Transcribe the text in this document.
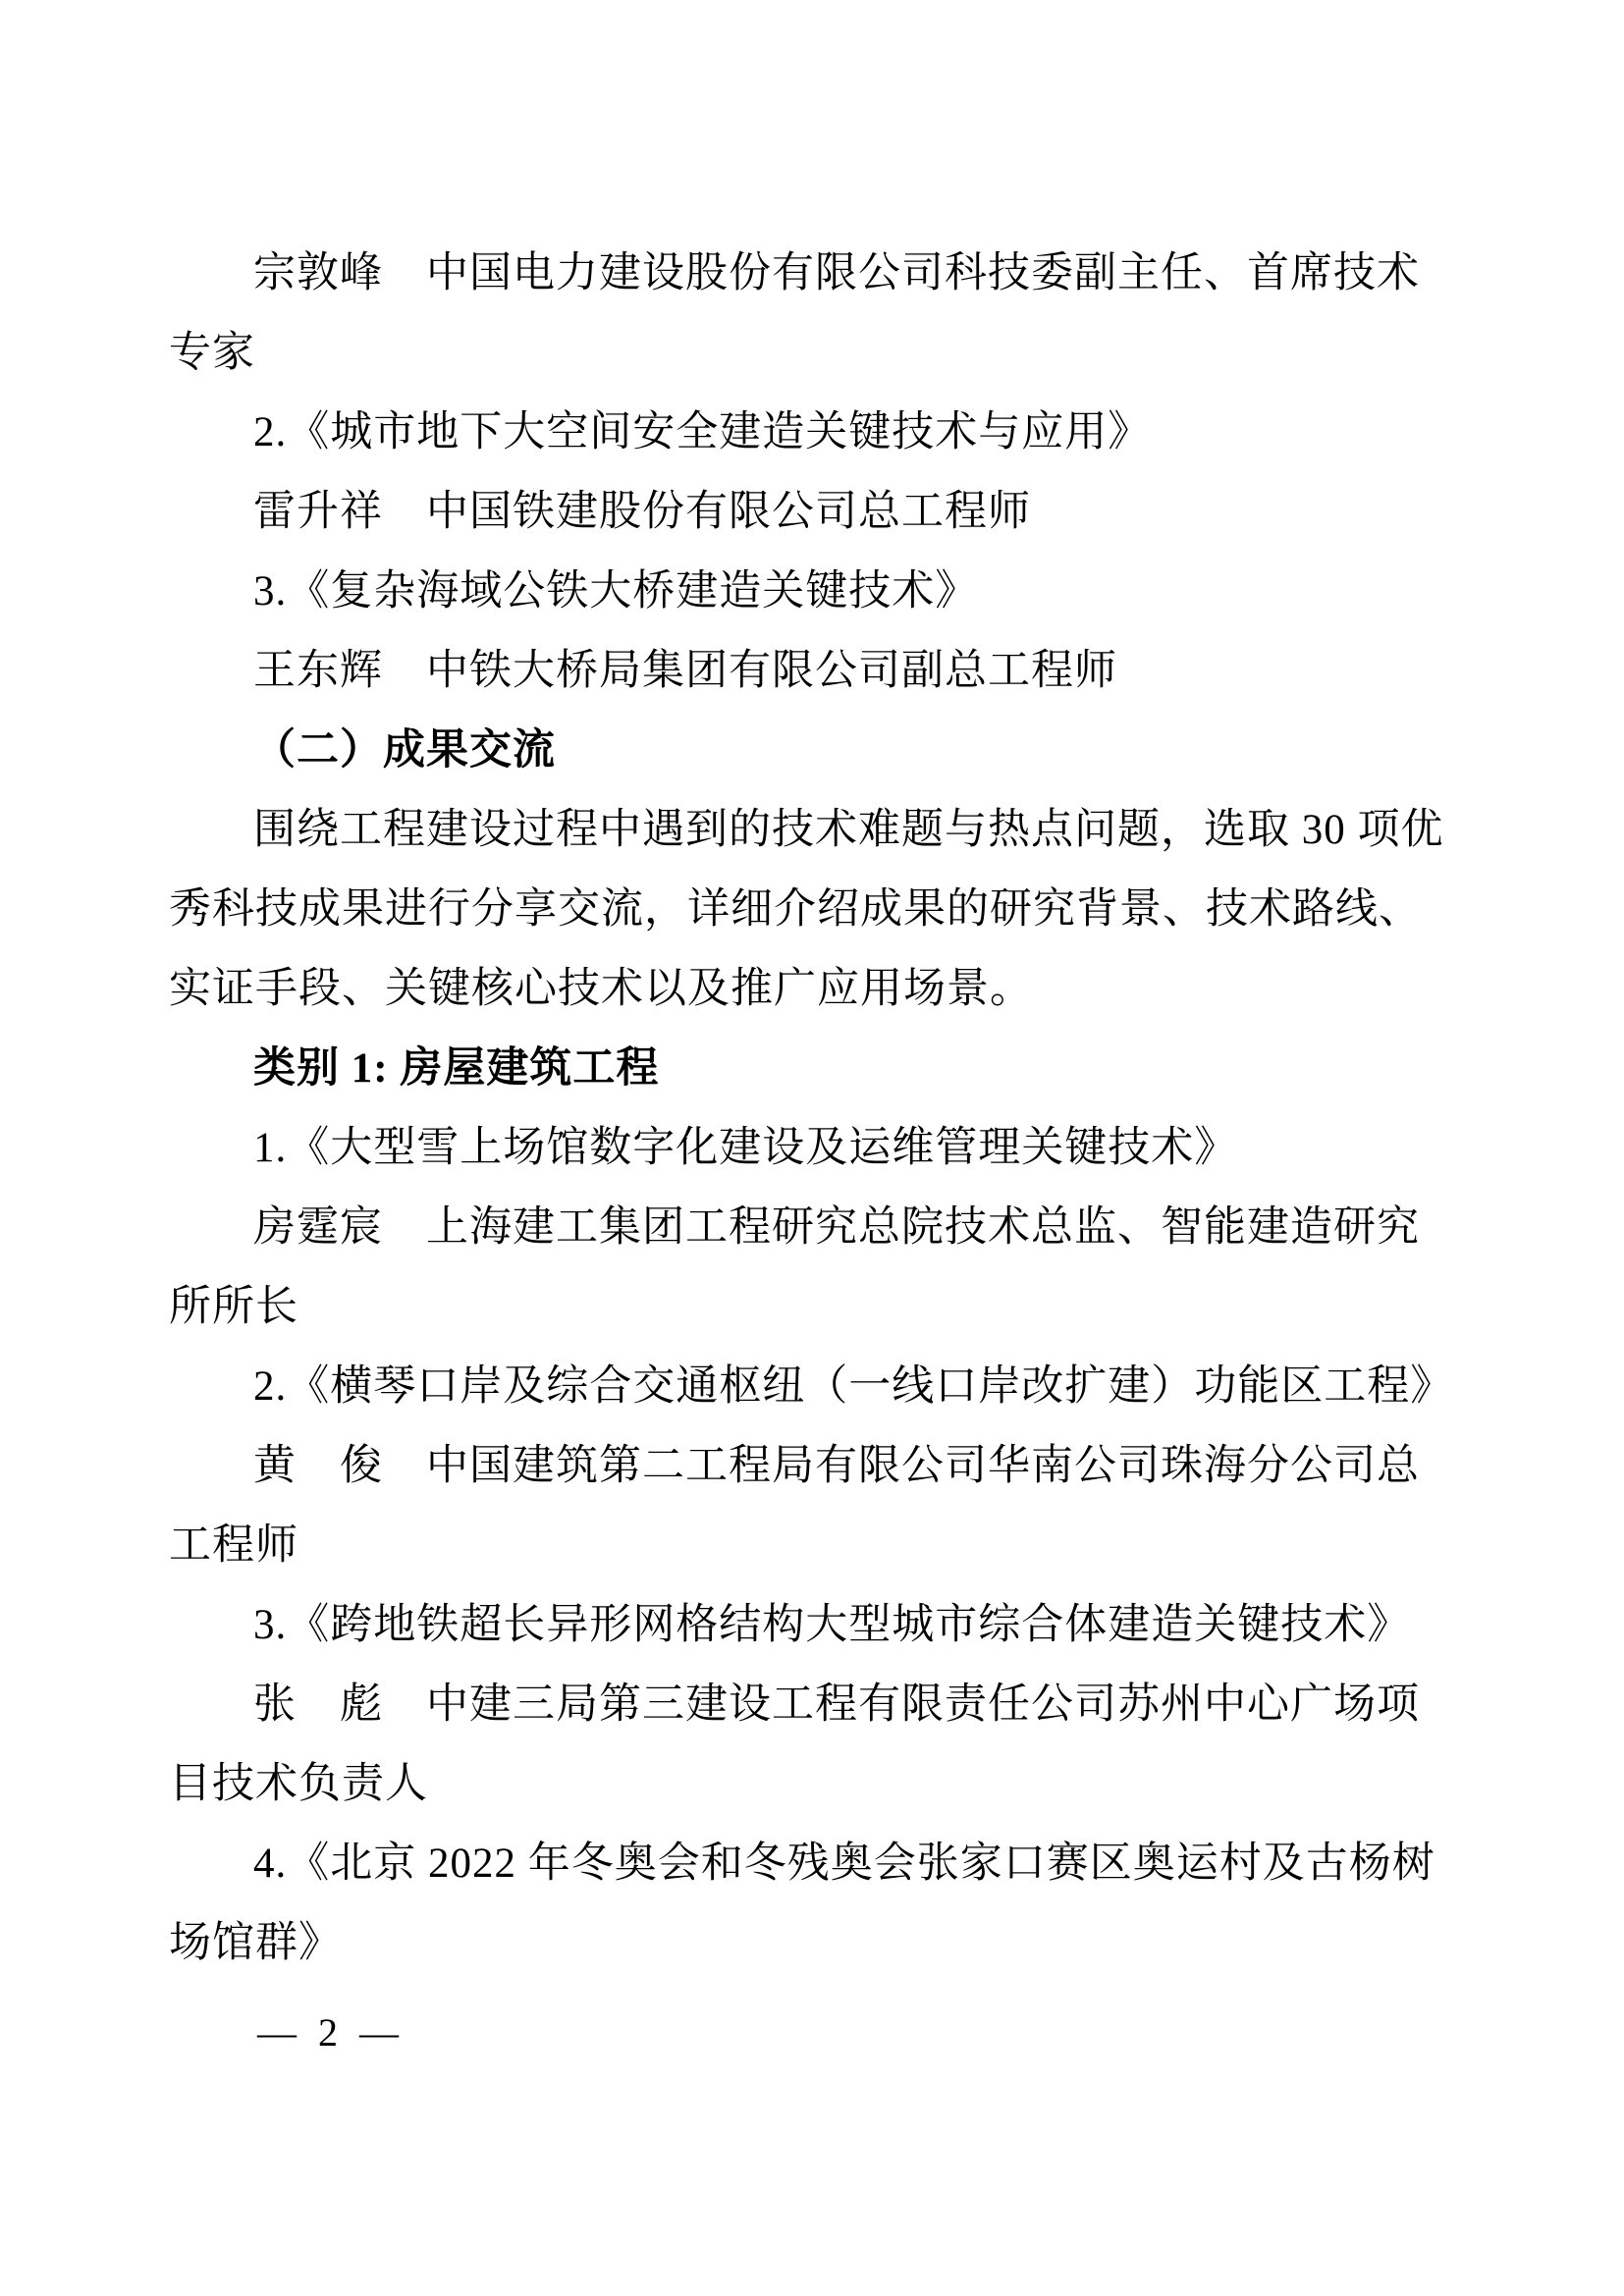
宗敦峰　中国电力建设股份有限公司科技委副主任、首席技术

专家

2.《城市地下大空间安全建造关键技术与应用》

雷升祥　中国铁建股份有限公司总工程师

3.《复杂海域公铁大桥建造关键技术》

王东辉　中铁大桥局集团有限公司副总工程师

（二）成果交流

围绕工程建设过程中遇到的技术难题与热点问题，选取 30 项优

秀科技成果进行分享交流，详细介绍成果的研究背景、技术路线、

实证手段、关键核心技术以及推广应用场景。

类别 1: 房屋建筑工程

1.《大型雪上场馆数字化建设及运维管理关键技术》

房霆宸　上海建工集团工程研究总院技术总监、智能建造研究

所所长

2.《横琴口岸及综合交通枢纽（一线口岸改扩建）功能区工程》

黄　俊　中国建筑第二工程局有限公司华南公司珠海分公司总

工程师

3.《跨地铁超长异形网格结构大型城市综合体建造关键技术》

张　彪　中建三局第三建设工程有限责任公司苏州中心广场项

目技术负责人

4.《北京 2022 年冬奥会和冬残奥会张家口赛区奥运村及古杨树

场馆群》

— 2 —
